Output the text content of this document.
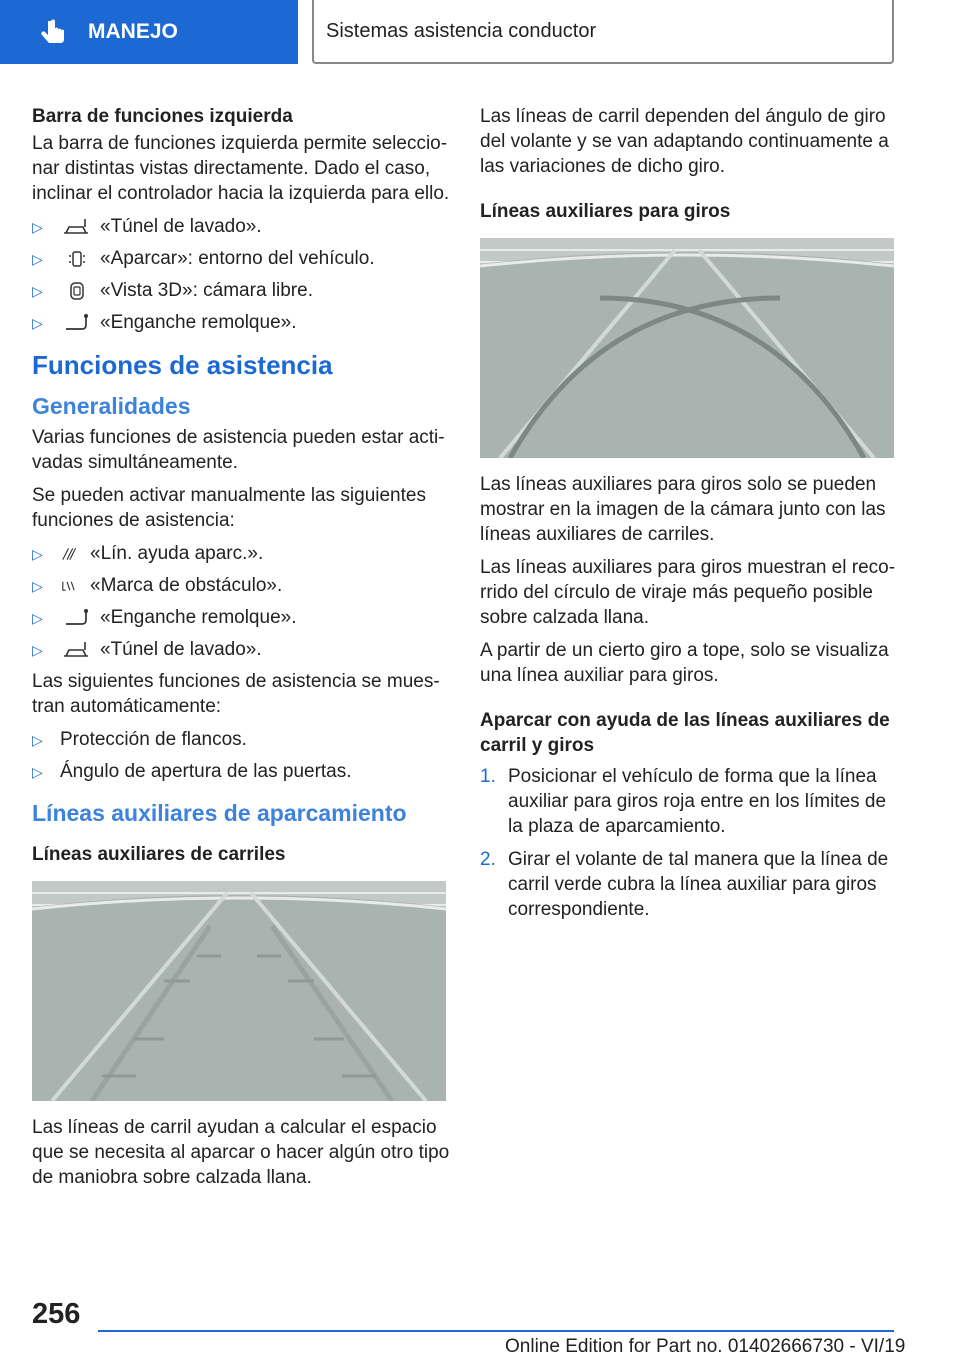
MANEJO	Sistemas asistencia conductor
Barra de funciones izquierda

La barra de funciones izquierda permite seleccionar distintas vistas directamente. Dado el caso, inclinar el controlador hacia la izquierda para ello.

▷	«Túnel de lavado».
▷	«Aparcar»: entorno del vehículo.
▷	«Vista 3D»: cámara libre.
▷	«Enganche remolque».
Funciones de asistencia
Generalidades

Varias funciones de asistencia pueden estar activadas simultáneamente.

Se pueden activar manualmente las siguientes funciones de asistencia:

▷ «Lín. ayuda aparc.».
▷ «Marca de obstáculo».
▷	«Enganche remolque».
▷	«Túnel de lavado».

Las siguientes funciones de asistencia se muestran automáticamente:

▷ Protección de flancos.
▷ Ángulo de apertura de las puertas.
Líneas auxiliares de aparcamiento
Líneas auxiliares de carriles

Las líneas de carril ayudan a calcular el espacio que se necesita al aparcar o hacer algún otro tipo de maniobra sobre calzada llana.

Las líneas de carril dependen del ángulo de giro del volante y se van adaptando continuamente a las variaciones de dicho giro.

Líneas auxiliares para giros

Las líneas auxiliares para giros solo se pueden mostrar en la imagen de la cámara junto con las líneas auxiliares de carriles.

Las líneas auxiliares para giros muestran el recorrido del círculo de viraje más pequeño posible sobre calzada llana.

A partir de un cierto giro a tope, solo se visualiza una línea auxiliar para giros.

Aparcar con ayuda de las líneas auxiliares de carril y giros
1. Posicionar el vehículo de forma que la línea auxiliar para giros roja entre en los límites de la plaza de aparcamiento.
2. Girar el volante de tal manera que la línea de carril verde cubra la línea auxiliar para giros correspondiente.
256
Online Edition for Part no. 01402666730 - VI/19
